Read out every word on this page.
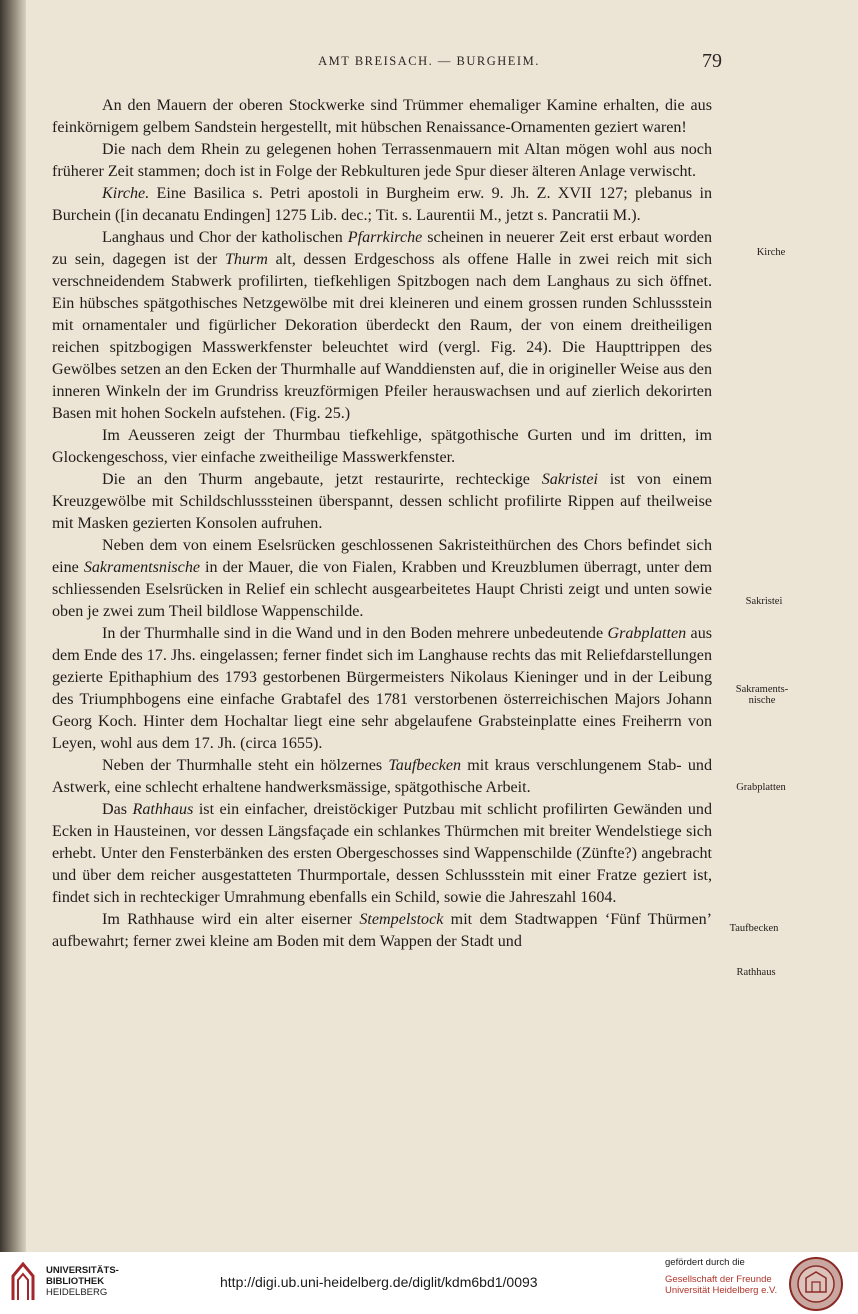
AMT BREISACH. — BURGHEIM.	79

An den Mauern der oberen Stockwerke sind Trümmer ehemaliger Kamine erhalten, die aus feinkörnigem gelbem Sandstein hergestellt, mit hübschen Renaissance-Ornamenten geziert waren!

Die nach dem Rhein zu gelegenen hohen Terrassenmauern mit Altan mögen wohl aus noch früherer Zeit stammen; doch ist in Folge der Rebkulturen jede Spur dieser älteren Anlage verwischt.

Kirche. Eine Basilica s. Petri apostoli in Burgheim erw. 9. Jh. Z. XVII 127; plebanus in Burchein ([in decanatu Endingen] 1275 Lib. dec.; Tit. s. Laurentii M., jetzt s. Pancratii M.).

Langhaus und Chor der katholischen Pfarrkirche scheinen in neuerer Zeit erst erbaut worden zu sein, dagegen ist der Thurm alt, dessen Erdgeschoss als offene Halle in zwei reich mit sich verschneidendem Stabwerk profilirten, tiefkehligen Spitzbogen nach dem Langhaus zu sich öffnet. Ein hübsches spätgothisches Netzgewölbe mit drei kleineren und einem grossen runden Schlussstein mit ornamentaler und figürlicher Dekoration überdeckt den Raum, der von einem dreitheiligen reichen spitzbogigen Masswerkfenster beleuchtet wird (vergl. Fig. 24). Die Haupttrippen des Gewölbes setzen an den Ecken der Thurmhalle auf Wanddiensten auf, die in origineller Weise aus den inneren Winkeln der im Grundriss kreuzförmigen Pfeiler herauswachsen und auf zierlich dekorirten Basen mit hohen Sockeln aufstehen. (Fig. 25.)

Im Aeusseren zeigt der Thurmbau tiefkehlige, spätgothische Gurten und im dritten, im Glockengeschoss, vier einfache zweitheilige Masswerkfenster.

Die an den Thurm angebaute, jetzt restaurirte, rechteckige Sakristei ist von einem Kreuzgewölbe mit Schildschlusssteinen überspannt, dessen schlicht profilirte Rippen auf theilweise mit Masken gezierten Konsolen aufruhen.

Neben dem von einem Eselsrücken geschlossenen Sakristeithürchen des Chors befindet sich eine Sakramentsnische in der Mauer, die von Fialen, Krabben und Kreuzblumen überragt, unter dem schliessenden Eselsrücken in Relief ein schlecht ausgearbeitetes Haupt Christi zeigt und unten sowie oben je zwei zum Theil bildlose Wappenschilde.

In der Thurmhalle sind in die Wand und in den Boden mehrere unbedeutende Grabplatten aus dem Ende des 17. Jhs. eingelassen; ferner findet sich im Langhause rechts das mit Reliefdarstellungen gezierte Epithaphium des 1793 gestorbenen Bürgermeisters Nikolaus Kieninger und in der Leibung des Triumphbogens eine einfache Grabtafel des 1781 verstorbenen österreichischen Majors Johann Georg Koch. Hinter dem Hochaltar liegt eine sehr abgelaufene Grabsteinplatte eines Freiherrn von Leyen, wohl aus dem 17. Jh. (circa 1655).

Neben der Thurmhalle steht ein hölzernes Taufbecken mit kraus verschlungenem Stab- und Astwerk, eine schlecht erhaltene handwerksmässige, spätgothische Arbeit.

Das Rathhaus ist ein einfacher, dreistöckiger Putzbau mit schlicht profilirten Gewänden und Ecken in Hausteinen, vor dessen Längsfaçade ein schlankes Thürmchen mit breiter Wendelstiege sich erhebt. Unter den Fensterbänken des ersten Obergeschosses sind Wappenschilde (Zünfte?) angebracht und über dem reicher ausgestatteten Thurmportale, dessen Schlussstein mit einer Fratze geziert ist, findet sich in rechteckiger Umrahmung ebenfalls ein Schild, sowie die Jahreszahl 1604.

Im Rathhause wird ein alter eiserner Stempelstock mit dem Stadtwappen ‘Fünf Thürmen’ aufbewahrt; ferner zwei kleine am Boden mit dem Wappen der Stadt und

Kirche
Sakristei
Sakraments-
nische
Grabplatten
Taufbecken
Rathhaus
UNIVERSITÄTS-
BIBLIOTHEK
HEIDELBERG
http://digi.ub.uni-heidelberg.de/diglit/kdm6bd1/0093
gefördert durch die
Gesellschaft der Freunde
Universität Heidelberg e.V.
